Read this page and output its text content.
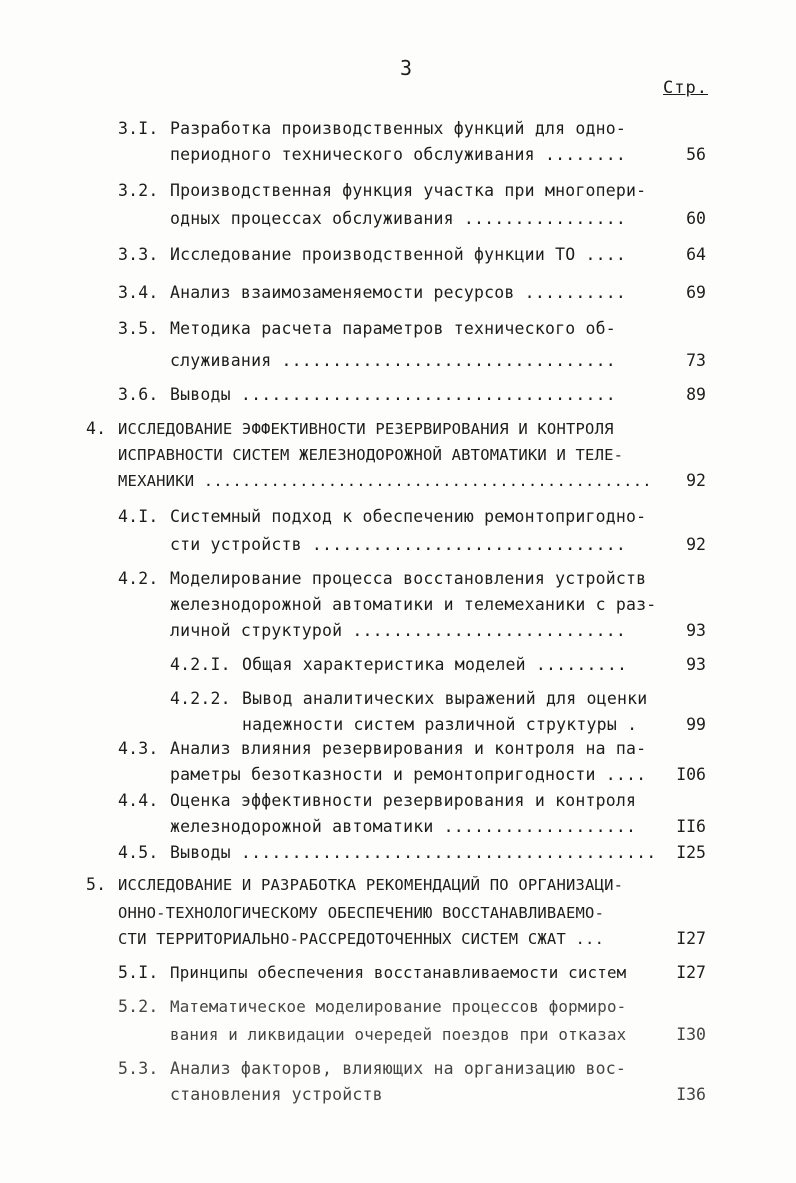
3
Стр.
3.I. Разработка производственных функций для одно-
периодного технического обслуживания ........	56
3.2. Производственная функция участка при многопери-
одных процессах обслуживания ................	60
3.3. Исследование производственной функции ТО ....	64
3.4. Анализ взаимозаменяемости ресурсов ..........	69
3.5. Методика расчета параметров технического об-
служивания .................................	73
3.6. Выводы .....................................	89
4. ИССЛЕДОВАНИЕ ЭФФЕКТИВНОСТИ РЕЗЕРВИРОВАНИЯ И КОНТРОЛЯ
ИСПРАВНОСТИ СИСТЕМ ЖЕЛЕЗНОДОРОЖНОЙ АВТОМАТИКИ И ТЕЛЕ-
МЕХАНИКИ ............................................... 92
4.I. Системный подход к обеспечению ремонтопригодно-
сти устройств ...............................	92
4.2. Моделирование процесса восстановления устройств
железнодорожной автоматики и телемеханики с раз-
личной структурой ...........................	93
4.2.I. Общая характеристика моделей .........	93
4.2.2. Вывод аналитических выражений для оценки
надежности систем различной структуры .	99
4.3. Анализ влияния резервирования и контроля на па-
раметры безотказности и ремонтопригодности .... I06
4.4. Оценка эффективности резервирования и контроля
железнодорожной автоматики ................... II6
4.5. Выводы ......................................... I25
5. ИССЛЕДОВАНИЕ И РАЗРАБОТКА РЕКОМЕНДАЦИЙ ПО ОРГАНИЗАЦИ-
ОННО-ТЕХНОЛОГИЧЕСКОМУ ОБЕСПЕЧЕНИЮ ВОССТАНАВЛИВАЕМО-
СТИ ТЕРРИТОРИАЛЬНО-РАССРЕДОТОЧЕННЫХ СИСТЕМ СЖАТ ...	I27
5.I. Принципы обеспечения восстанавливаемости систем	I27
5.2. Математическое моделирование процессов формиро-
вания и ликвидации очередей поездов при отказах	I30
5.3. Анализ факторов, влияющих на организацию вос-
становления устройств	I36
